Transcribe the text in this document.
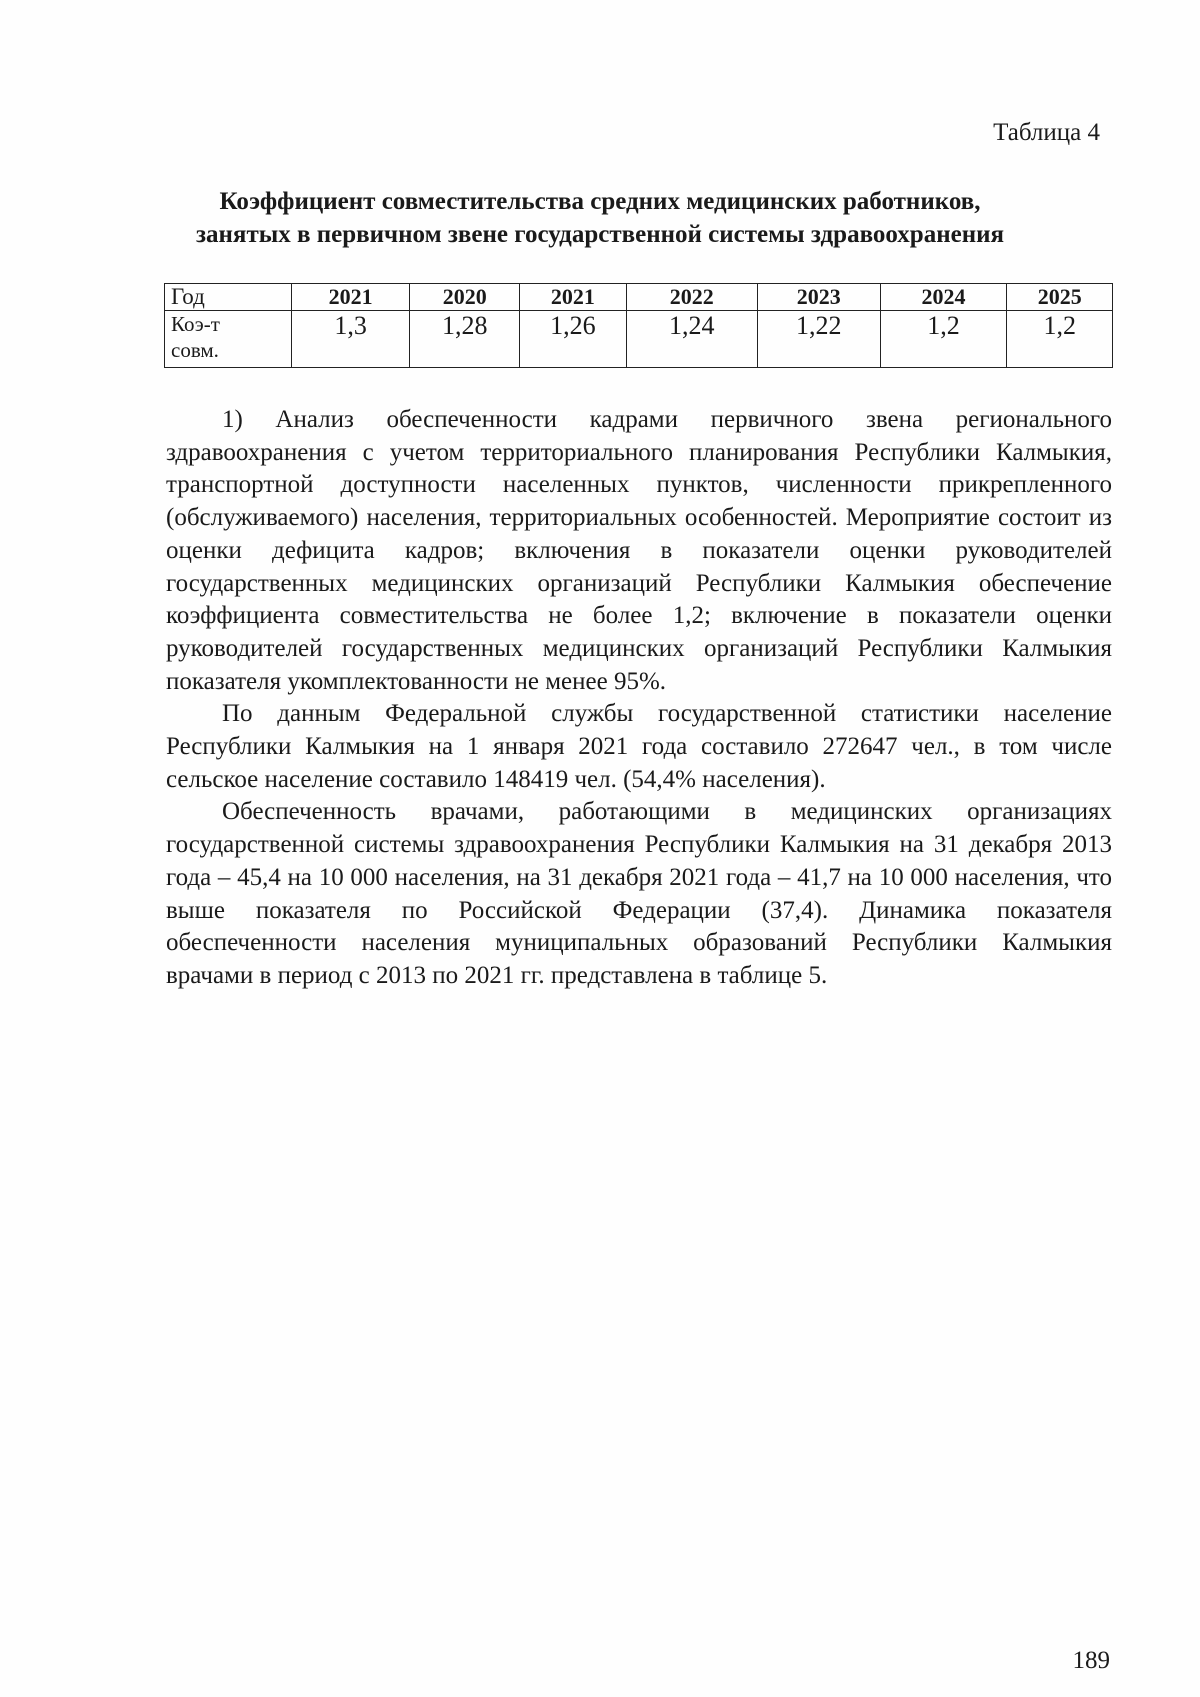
Таблица 4
Коэффициент совместительства средних медицинских работников,
занятых в первичном звене государственной системы здравоохранения
Год	2021	2020	2021	2022	2023	2024	2025

Коэ-т
совм.	1,3	1,28	1,26	1,24	1,22	1,2	1,2

1) Анализ обеспеченности кадрами первичного звена регионального здравоохранения с учетом территориального планирования Республики Калмыкия, транспортной доступности населенных пунктов, численности прикрепленного (обслуживаемого) населения, территориальных особенностей. Мероприятие состоит из оценки дефицита кадров; включения в показатели оценки руководителей государственных медицинских организаций Республики Калмыкия обеспечение коэффициента совместительства не более 1,2; включение в показатели оценки руководителей государственных медицинских организаций Республики Калмыкия показателя укомплектованности не менее 95%.

По данным Федеральной службы государственной статистики население Республики Калмыкия на 1 января 2021 года составило 272647 чел., в том числе сельское население составило 148419 чел. (54,4% населения).

Обеспеченность врачами, работающими в медицинских организациях государственной системы здравоохранения Республики Калмыкия на 31 декабря 2013 года – 45,4 на 10 000 населения, на 31 декабря 2021 года – 41,7 на 10 000 населения, что выше показателя по Российской Федерации (37,4). Динамика показателя обеспеченности населения муниципальных образований Республики Калмыкия врачами в период с 2013 по 2021 гг. представлена в таблице 5.

189
